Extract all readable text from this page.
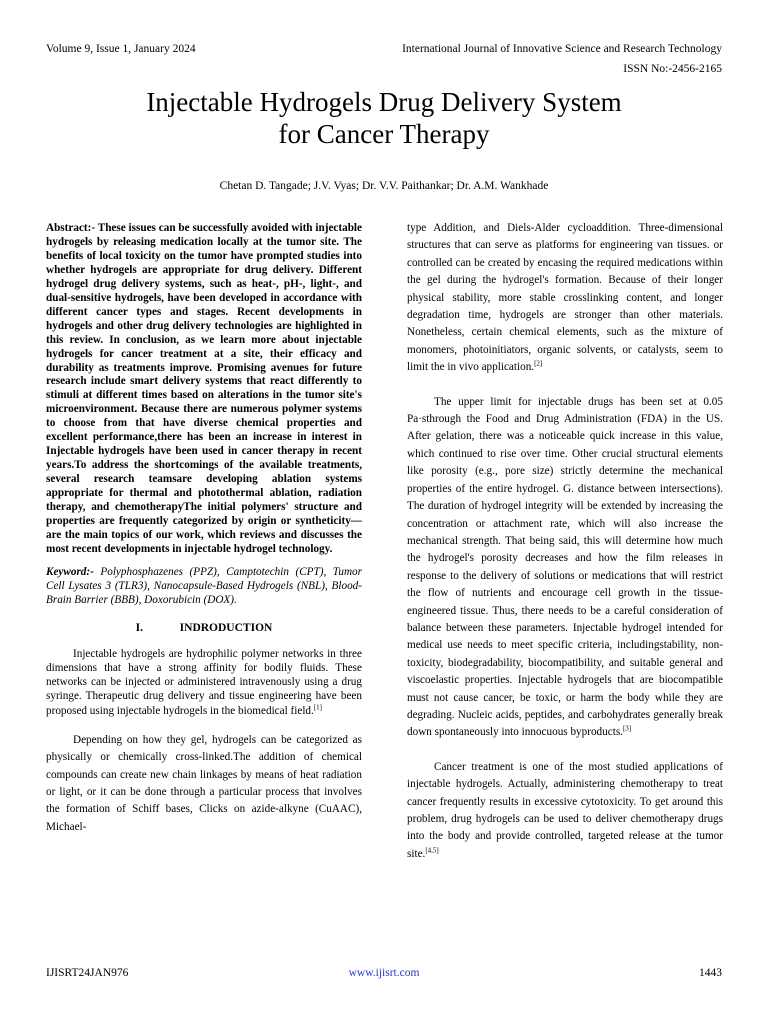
Volume 9, Issue 1, January 2024	International Journal of Innovative Science and Research Technology
ISSN No:-2456-2165
Injectable Hydrogels Drug Delivery System
for Cancer Therapy
Chetan D. Tangade; J.V. Vyas; Dr. V.V. Paithankar; Dr. A.M. Wankhade

Abstract:- These issues can be successfully avoided with injectable hydrogels by releasing medication locally at the tumor site. The benefits of local toxicity on the tumor have prompted studies into whether hydrogels are appropriate for drug delivery. Different hydrogel drug delivery systems, such as heat-, pH-, light-, and dual-sensitive hydrogels, have been developed in accordance with different cancer types and stages. Recent developments in hydrogels and other drug delivery technologies are highlighted in this review. In conclusion, as we learn more about injectable hydrogels for cancer treatment at a site, their efficacy and durability as treatments improve. Promising avenues for future research include smart delivery systems that react differently to stimuli at different times based on alterations in the tumor site's microenvironment. Because there are numerous polymer systems to choose from that have diverse chemical properties and excellent performance,there has been an increase in interest in Injectable hydrogels have been used in cancer therapy in recent years.To address the shortcomings of the available treatments, several research teamsare developing ablation systems appropriate for thermal and photothermal ablation, radiation therapy, and chemotherapyThe initial polymers' structure and properties are frequently categorized by origin or syntheticity—are the main topics of our work, which reviews and discusses the most recent developments in injectable hydrogel technology.

Keyword:- Polyphosphazenes (PPZ), Camptotechin (CPT), Tumor Cell Lysates 3 (TLR3), Nanocapsule-Based Hydrogels (NBL), Blood-Brain Barrier (BBB), Doxorubicin (DOX).

I.	INDRODUCTION

Injectable hydrogels are hydrophilic polymer networks in three dimensions that have a strong affinity for bodily fluids. These networks can be injected or administered intravenously using a drug syringe. Therapeutic drug delivery and tissue engineering have been proposed using injectable hydrogels in the biomedical field.[1]

Depending on how they gel, hydrogels can be categorized as physically or chemically cross-linked.The addition of chemical compounds can create new chain linkages by means of heat radiation or light, or it can be done through a particular process that involves the formation of Schiff bases, Clicks on azide-alkyne (CuAAC), Michael-

type Addition, and Diels-Alder cycloaddition. Three-dimensional structures that can serve as platforms for engineering van tissues. or controlled can be created by encasing the required medications within the gel during the hydrogel's formation. Because of their longer physical stability, more stable crosslinking content, and longer degradation time, hydrogels are stronger than other materials. Nonetheless, certain chemical elements, such as the mixture of monomers, photoinitiators, organic solvents, or catalysts, seem to limit the in vivo application.[2]

The upper limit for injectable drugs has been set at 0.05 Pa·sthrough the Food and Drug Administration (FDA) in the US. After gelation, there was a noticeable quick increase in this value, which continued to rise over time. Other crucial structural elements like porosity (e.g., pore size) strictly determine the mechanical properties of the entire hydrogel. G. distance between intersections). The duration of hydrogel integrity will be extended by increasing the concentration or attachment rate, which will also increase the mechanical strength. That being said, this will determine how much the hydrogel's porosity decreases and how the film releases in response to the delivery of solutions or medications that will restrict the flow of nutrients and encourage cell growth in the tissue-engineered tissue. Thus, there needs to be a careful consideration of balance between these parameters. Injectable hydrogel intended for medical use needs to meet specific criteria, includingstability, non-toxicity, biodegradability, biocompatibility, and suitable general and viscoelastic properties. Injectable hydrogels that are biocompatible must not cause cancer, be toxic, or harm the body while they are degrading. Nucleic acids, peptides, and carbohydrates generally break down spontaneously into innocuous byproducts.[3]

Cancer treatment is one of the most studied applications of injectable hydrogels. Actually, administering chemotherapy to treat cancer frequently results in excessive cytotoxicity. To get around this problem, drug hydrogels can be used to deliver chemotherapy drugs into the body and provide controlled, targeted release at the tumor site.[4,5]

IJISRT24JAN976	www.ijisrt.com	1443
